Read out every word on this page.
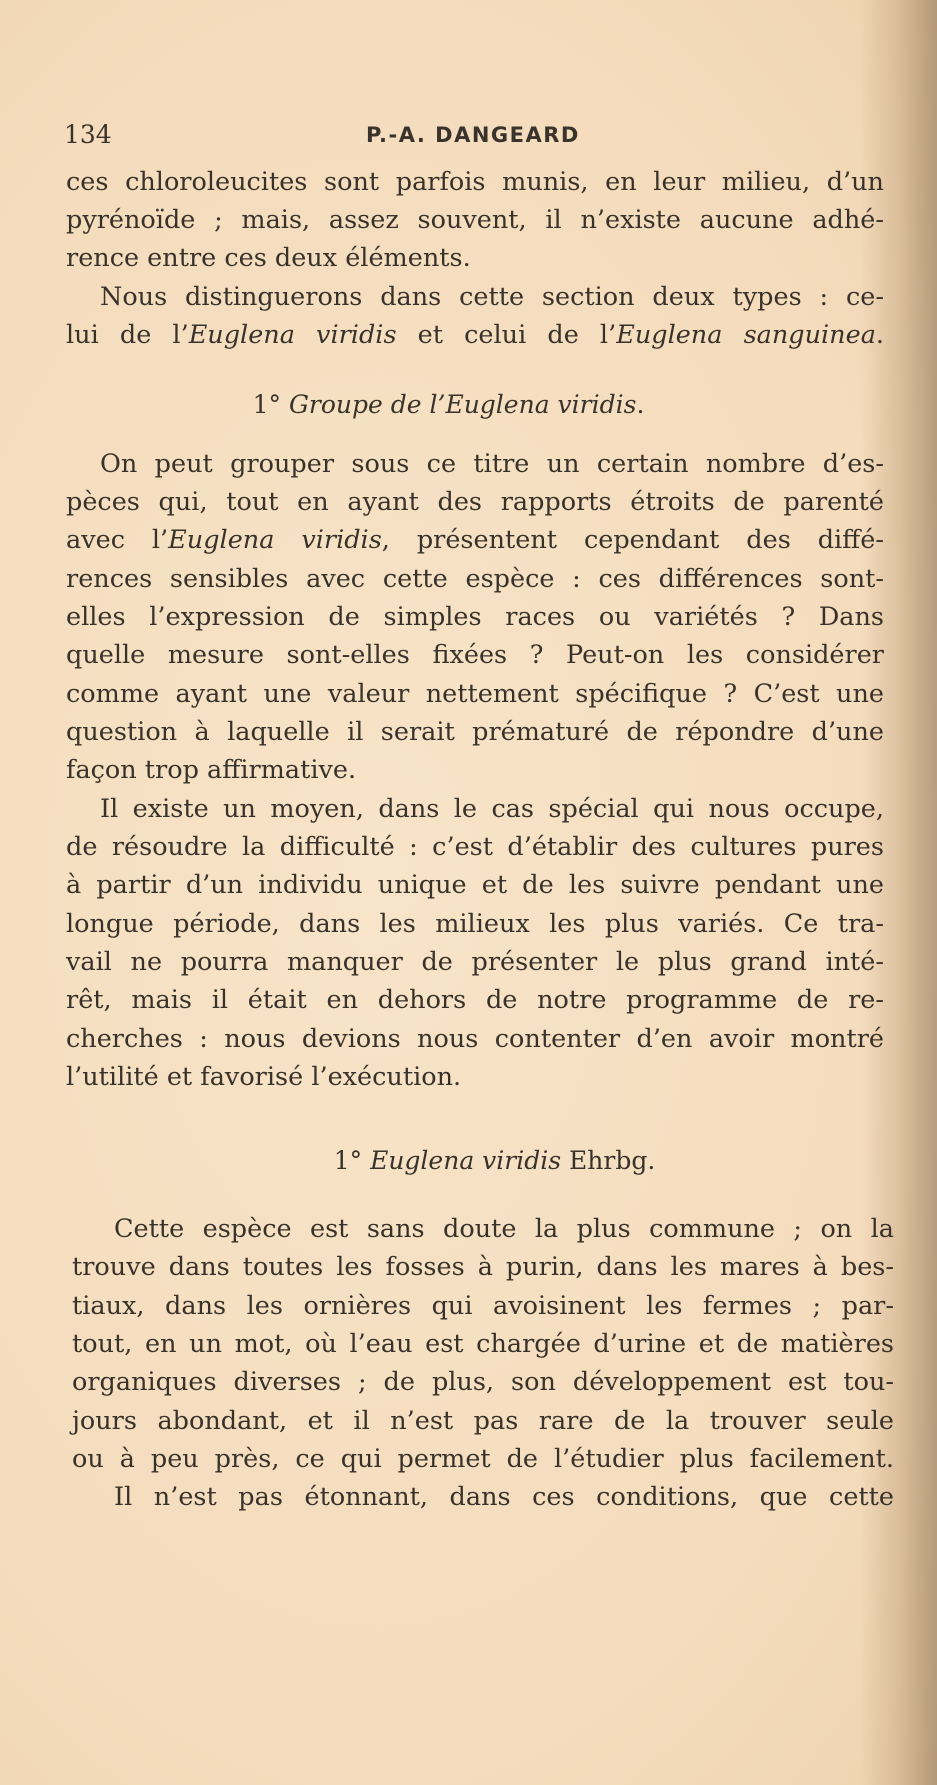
134	P.-A. DANGEARD
ces chloroleucites sont parfois munis, en leur milieu, d’un
pyrénoïde ; mais, assez souvent, il n’existe aucune adhé-
rence entre ces deux éléments.
Nous distinguerons dans cette section deux types : ce-
lui de l’Euglena viridis et celui de l’Euglena sanguinea.
1° Groupe de l’Euglena viridis.
On peut grouper sous ce titre un certain nombre d’es-
pèces qui, tout en ayant des rapports étroits de parenté
avec l’Euglena viridis, présentent cependant des diffé-
rences sensibles avec cette espèce : ces différences sont-
elles l’expression de simples races ou variétés ? Dans
quelle mesure sont-elles fixées ? Peut-on les considérer
comme ayant une valeur nettement spécifique ? C’est une
question à laquelle il serait prématuré de répondre d’une
façon trop affirmative.
Il existe un moyen, dans le cas spécial qui nous occupe,
de résoudre la difficulté : c’est d’établir des cultures pures
à partir d’un individu unique et de les suivre pendant une
longue période, dans les milieux les plus variés. Ce tra-
vail ne pourra manquer de présenter le plus grand inté-
rêt, mais il était en dehors de notre programme de re-
cherches : nous devions nous contenter d’en avoir montré
l’utilité et favorisé l’exécution.
1° Euglena viridis Ehrbg.
Cette espèce est sans doute la plus commune ; on la
trouve dans toutes les fosses à purin, dans les mares à bes-
tiaux, dans les ornières qui avoisinent les fermes ; par-
tout, en un mot, où l’eau est chargée d’urine et de matières
organiques diverses ; de plus, son développement est tou-
jours abondant, et il n’est pas rare de la trouver seule
ou à peu près, ce qui permet de l’étudier plus facilement.
Il n’est pas étonnant, dans ces conditions, que cette
